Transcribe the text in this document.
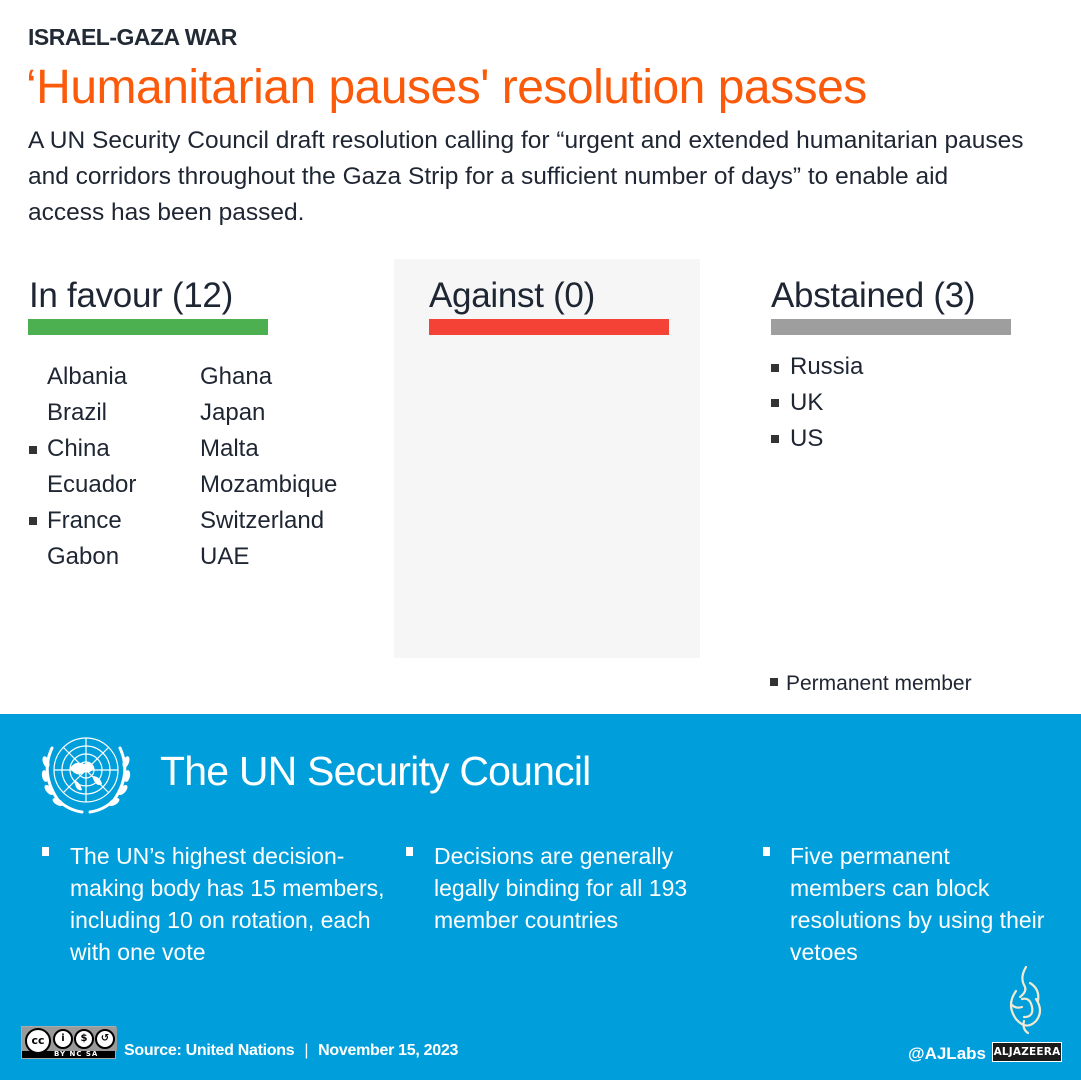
ISRAEL-GAZA WAR
‘Humanitarian pauses' resolution passes
A UN Security Council draft resolution calling for “urgent and extended humanitarian pauses and corridors throughout the Gaza Strip for a sufficient number of days” to enable aid access has been passed.
In favour (12)
Albania
Brazil
China
Ecuador
France
Gabon
Ghana
Japan
Malta
Mozambique
Switzerland
UAE
Against (0)	Abstained (3)
Russia
UK
US
Permanent member
The UN Security Council
The UN’s highest decision-making body has 15 members, including 10 on rotation, each with one vote
Decisions are generally legally binding for all 193 member countries
Five permanent members can block resolutions by using their vetoes
cc	i	$	↺
BY NC SA Source: United Nations | November 15, 2023	@AJLabs ALJAZEERA
